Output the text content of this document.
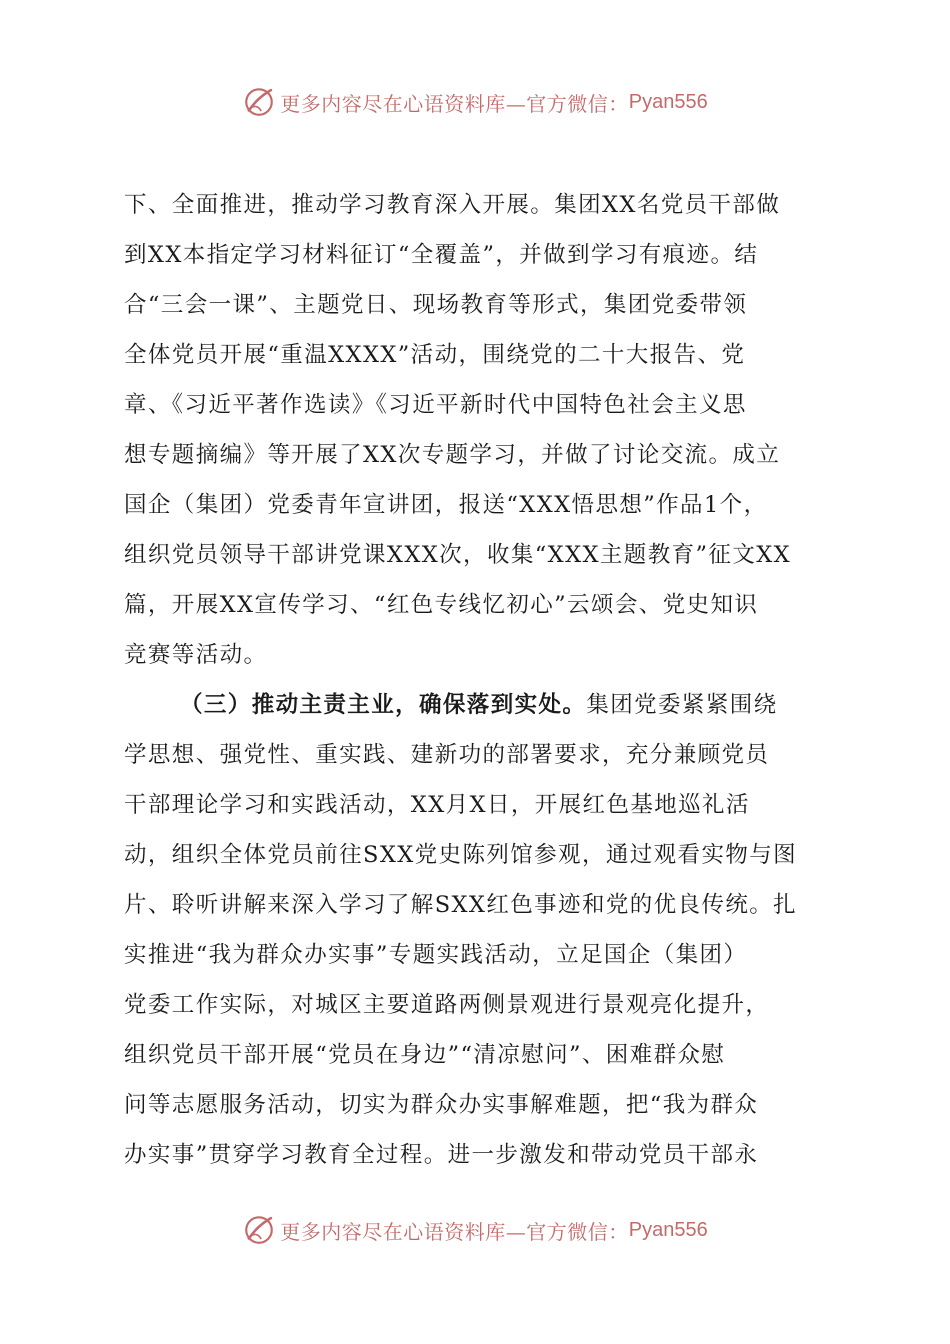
更多内容尽在心语资料库—官方微信： Pyan556
下、全面推进，推动学习教育深入开展。集团XX名党员干部做
到XX本指定学习材料征订“全覆盖”，并做到学习有痕迹。结
合“三会一课”、主题党日、现场教育等形式，集团党委带领
全体党员开展“重温XXXX”活动，围绕党的二十大报告、党
章、《习近平著作选读》《习近平新时代中国特色社会主义思
想专题摘编》等开展了XX次专题学习，并做了讨论交流。成立
国企（集团）党委青年宣讲团，报送“XXX悟思想”作品1个，
组织党员领导干部讲党课XXX次，收集“XXX主题教育”征文XX
篇，开展XX宣传学习、“红色专线忆初心”云颂会、党史知识
竞赛等活动。
（三）推动主责主业，确保落到实处。集团党委紧紧围绕
学思想、强党性、重实践、建新功的部署要求，充分兼顾党员
干部理论学习和实践活动，XX月X日，开展红色基地巡礼活
动，组织全体党员前往SXX党史陈列馆参观，通过观看实物与图
片、聆听讲解来深入学习了解SXX红色事迹和党的优良传统。扎
实推进“我为群众办实事”专题实践活动，立足国企（集团）
党委工作实际，对城区主要道路两侧景观进行景观亮化提升，
组织党员干部开展“党员在身边”“清凉慰问”、困难群众慰
问等志愿服务活动，切实为群众办实事解难题，把“我为群众
办实事”贯穿学习教育全过程。进一步激发和带动党员干部永
更多内容尽在心语资料库—官方微信： Pyan556
